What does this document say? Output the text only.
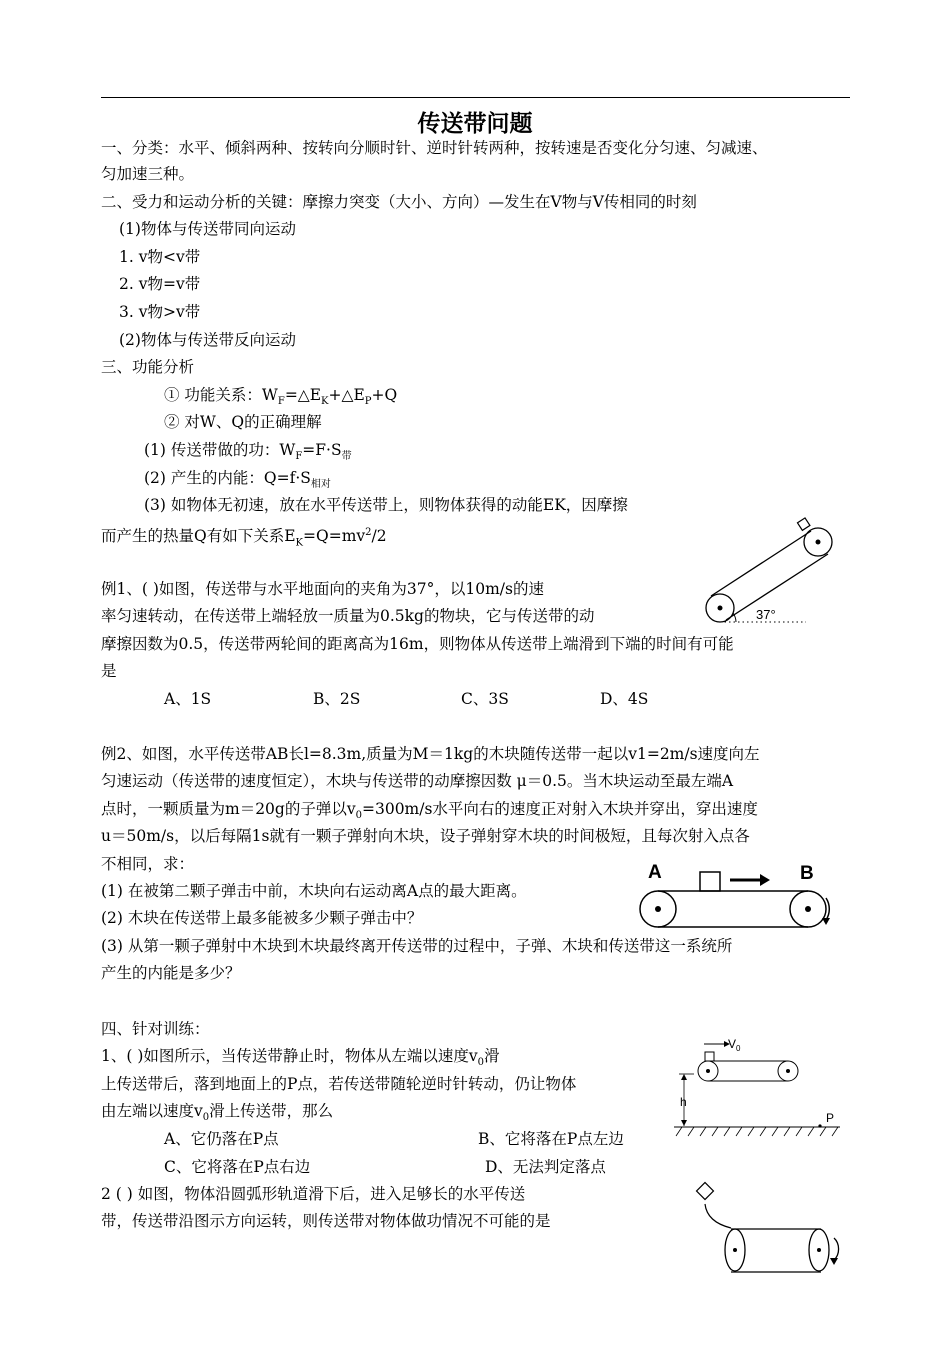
传送带问题
一、分类：水平、倾斜两种、按转向分顺时针、逆时针转两种，按转速是否变化分匀速、匀减速、
匀加速三种。
二、受力和运动分析的关键：摩擦力突变（大小、方向）—发生在V物与V传相同的时刻
(1)物体与传送带同向运动
1. v物<v带
2. v物=v带
3. v物>v带
(2)物体与传送带反向运动
三、功能分析
① 功能关系：$W_F=\triangle E_K+\triangle E_P+Q$
② 对W、Q的正确理解
(1) 传送带做的功：$W_F=F\cdot S_带$
(2) 产生的内能：$Q=f\cdot S_{相对}$
(3) 如物体无初速，放在水平传送带上，则物体获得的动能EK，因摩擦
而产生的热量Q有如下关系$E_K=Q=mv^2/2$
例1、( )如图，传送带与水平地面向的夹角为37°，以10m/s的速
率匀速转动，在传送带上端轻放一质量为0.5kg的物块，它与传送带的动
摩擦因数为0.5，传送带两轮间的距离高为16m，则物体从传送带上端滑到下端的时间有可能
是
A、1S	B、2S	C、3S	D、4S
37°
例2、如图，水平传送带AB长l=8.3m,质量为M＝1kg的木块随传送带一起以v1=2m/s速度向左
匀速运动（传送带的速度恒定），木块与传送带的动摩擦因数 μ＝0.5。当木块运动至最左端A
点时，一颗质量为m＝20g的子弹以$v_0=300m/s$水平向右的速度正对射入木块并穿出，穿出速度
u＝50m/s，以后每隔1s就有一颗子弹射向木块，设子弹射穿木块的时间极短，且每次射入点各
不相同，求：
(1) 在被第二颗子弹击中前，木块向右运动离A点的最大距离。
(2) 木块在传送带上最多能被多少颗子弹击中？
(3) 从第一颗子弹射中木块到木块最终离开传送带的过程中，子弹、木块和传送带这一系统所
产生的内能是多少？
A	B
四、针对训练：
1、( )如图所示，当传送带静止时，物体从左端以速度$v_0$滑
上传送带后，落到地面上的P点，若传送带随轮逆时针转动，仍让物体
由左端以速度$v_0$滑上传送带，那么
A、它仍落在P点	B、它将落在P点左边
C、它将落在P点右边	D、无法判定落点
2 ( ) 如图，物体沿圆弧形轨道滑下后，进入足够长的水平传送
带，传送带沿图示方向运转，则传送带对物体做功情况不可能的是
$V_0$
h
P
